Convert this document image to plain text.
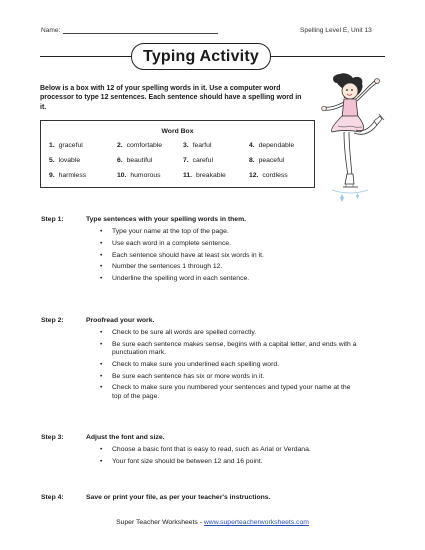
Name:	Spelling Level E, Unit 13
Typing Activity
Below is a box with 12 of your spelling words in it. Use a computer word processor to type 12 sentences. Each sentence should have a spelling word in it.
Word Box
1. graceful	2. comfortable	3. fearful	4. dependable
5. lovable	6. beautiful	7. careful	8. peaceful
9. harmless	10. humorous	11. breakable	12. cordless
Step 1:	Type sentences with your spelling words in them.
• Type your name at the top of the page.
• Use each word in a complete sentence.
• Each sentence should have at least six words in it.
• Number the sentences 1 through 12.
• Underline the spelling word in each sentence.
Step 2:	Proofread your work.
• Check to be sure all words are spelled correctly.
• Be sure each sentence makes sense, begins with a capital letter, and ends with a punctuation mark.
• Check to make sure you underlined each spelling word.
• Be sure each sentence has six or more words in it.
• Check to make sure you numbered your sentences and typed your name at the top of the page.
Step 3:	Adjust the font and size.
• Choose a basic font that is easy to read, such as Arial or Verdana.
• Your font size should be between 12 and 16 point.
Step 4:	Save or print your file, as per your teacher's instructions.
Super Teacher Worksheets - www.superteacherworksheets.com
